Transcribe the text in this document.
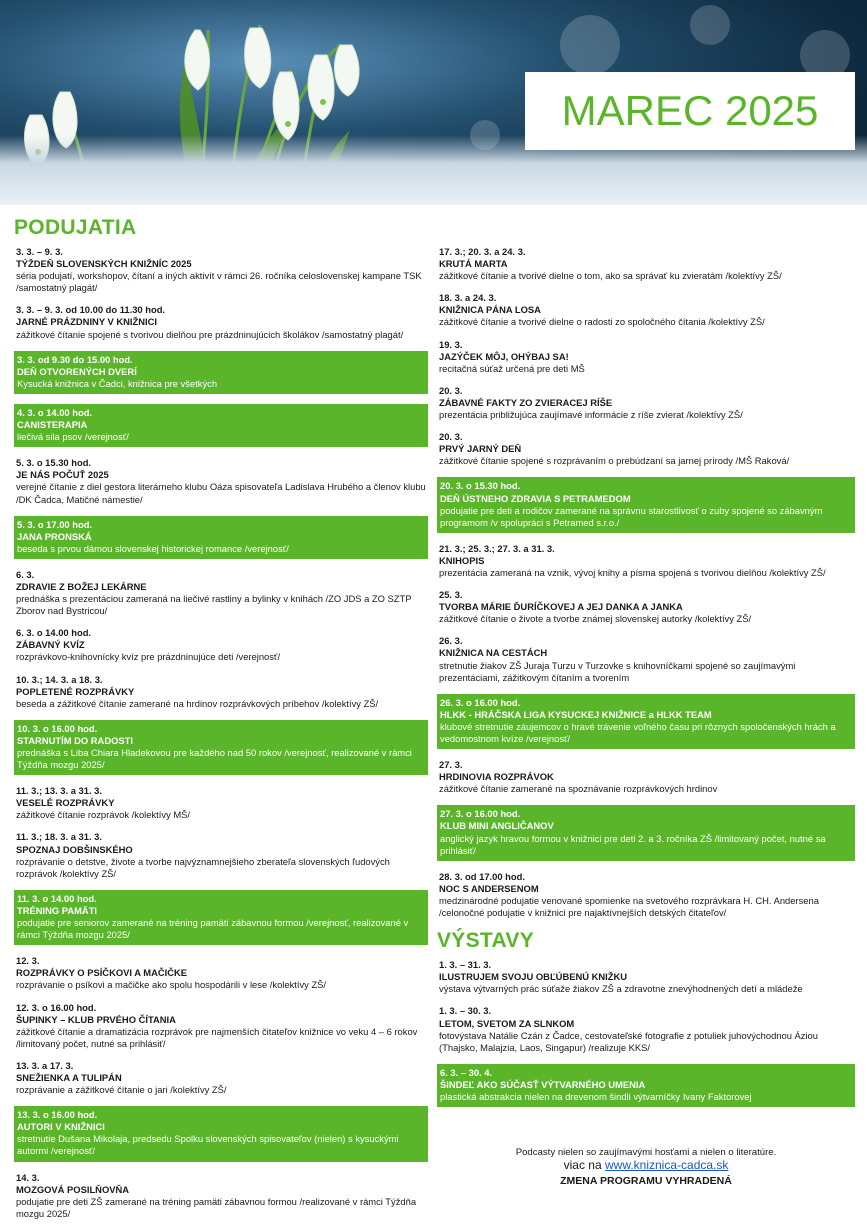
MAREC 2025
PODUJATIA
3. 3. – 9. 3.
TÝŽDEŇ SLOVENSKÝCH KNIŽNÍC 2025
séria podujatí, workshopov, čítaní a iných aktivít v rámci 26. ročníka celoslovenskej kampane TSK /samostatný plagát/
3. 3. – 9. 3. od 10.00 do 11.30 hod.
JARNÉ PRÁZDNINY V KNIŽNICI
zážitkové čítanie spojené s tvorivou dielňou pre prázdninujúcich školákov /samostatný plagát/
3. 3. od 9.30 do 15.00 hod.
DEŇ OTVORENÝCH DVERÍ
Kysucká knižnica v Čadci, knižnica pre všetkých
4. 3. o 14.00 hod.
CANISTERAPIA
liečivá sila psov /verejnosť/
5. 3. o 15.30 hod.
JE NÁS POČUŤ 2025
verejné čítanie z diel gestora literárneho klubu Oáza spisovateľa Ladislava Hrubého a členov klubu /DK Čadca, Matičné námestie/
5. 3. o 17.00 hod.
JANA PRONSKÁ
beseda s prvou dámou slovenskej historickej romance /verejnosť/
6. 3.
ZDRAVIE Z BOŽEJ LEKÁRNE
prednáška s prezentáciou zameraná na liečivé rastliny a bylinky v knihách /ZO JDS a ZO SZTP Zborov nad Bystricou/
6. 3. o 14.00 hod.
ZÁBAVNÝ KVÍZ
rozprávkovo-knihovnícky kvíz pre prázdninujúce deti /verejnosť/
10. 3.; 14. 3. a 18. 3.
POPLETENÉ ROZPRÁVKY
beseda a zážitkové čítanie zamerané na hrdinov rozprávkových príbehov /kolektívy ZŠ/
10. 3. o 16.00 hod.
STARNUTÍM DO RADOSTI
prednáška s Liba Chiara Hladekovou pre každého nad 50 rokov /verejnosť, realizované v rámci Týždňa mozgu 2025/
11. 3.; 13. 3. a 31. 3.
VESELÉ ROZPRÁVKY
zážitkové čítanie rozprávok /kolektívy MŠ/
11. 3.; 18. 3. a 31. 3.
SPOZNAJ DOBŠINSKÉHO
rozprávanie o detstve, živote a tvorbe najvýznamnejšieho zberateľa slovenských ľudových rozprávok /kolektívy ZŠ/
11. 3. o 14.00 hod.
TRÉNING PAMÄTI
podujatie pre seniorov zamerané na tréning pamäti zábavnou formou /verejnosť, realizované v rámci Týždňa mozgu 2025/
12. 3.
ROZPRÁVKY O PSÍČKOVI A MAČIČKE
rozprávanie o psíkovi a mačičke ako spolu hospodárili v lese /kolektívy ZŠ/
12. 3. o 16.00 hod.
ŠUPINKY – KLUB PRVÉHO ČÍTANIA
zážitkové čítanie a dramatizácia rozprávok pre najmenších čitateľov knižnice vo veku 4 – 6 rokov /limitovaný počet, nutné sa prihlásiť/
13. 3. a 17. 3.
SNEŽIENKA A TULIPÁN
rozprávanie a zážitkové čítanie o jari /kolektívy ZŠ/
13. 3. o 16.00 hod.
AUTORI V KNIŽNICI
stretnutie Dušana Mikolaja, predsedu Spolku slovenských spisovateľov (nielen) s kysuckými autormi /verejnosť/
14. 3.
MOZGOVÁ POSILŇOVŇA
podujatie pre deti ZŠ zamerané na tréning pamäti zábavnou formou /realizované v rámci Týždňa mozgu 2025/
17. 3.; 20. 3. a 24. 3.
KRUTÁ MARTA
zážitkové čítanie a tvorivé dielne o tom, ako sa správať ku zvieratám /kolektívy ZŠ/
18. 3. a 24. 3.
KNIŽNICA PÁNA LOSA
zážitkové čítanie a tvorivé dielne o radosti zo spoločného čítania /kolektívy ZŠ/
19. 3.
JAZÝČEK MÔJ, OHÝBAJ SA!
recitačná súťaž určená pre deti MŠ
20. 3.
ZÁBAVNÉ FAKTY ZO ZVIERACEJ RÍŠE
prezentácia približujúca zaujímavé informácie z ríše zvierat /kolektívy ZŠ/
20. 3.
PRVÝ JARNÝ DEŇ
zážitkové čítanie spojené s rozprávaním o prebúdzaní sa jarnej prírody /MŠ Raková/
20. 3. o 15.30 hod.
DEŇ ÚSTNEHO ZDRAVIA S PETRAMEDOM
podujatie pre deti a rodičov zamerané na správnu starostlivosť o zuby spojené so zábavným programom /v spolupráci s Petramed s.r.o./
21. 3.; 25. 3.; 27. 3. a 31. 3.
KNIHOPIS
prezentácia zameraná na vznik, vývoj knihy a písma spojená s tvorivou dielňou /kolektívy ZŠ/
25. 3.
TVORBA MÁRIE ĎURÍČKOVEJ A JEJ DANKA A JANKA
zážitkové čítanie o živote a tvorbe známej slovenskej autorky /kolektívy ZŠ/
26. 3.
KNIŽNICA NA CESTÁCH
stretnutie žiakov ZŠ Juraja Turzu v Turzovke s knihovníčkami spojené so zaujímavými prezentáciami, zážitkovým čítaním a tvorením
26. 3. o 16.00 hod.
HLKK - HRÁČSKA LIGA KYSUCKEJ KNIŽNICE a HLKK TEAM
klubové stretnutie záujemcov o hravé trávenie voľného času pri rôznych spoločenských hrách a vedomostnom kvíze /verejnosť/
27. 3.
HRDINOVIA ROZPRÁVOK
zážitkové čítanie zamerané na spoznávanie rozprávkových hrdinov
27. 3. o 16.00 hod.
KLUB MINI ANGLIČANOV
anglický jazyk hravou formou v knižnici pre deti 2. a 3. ročníka ZŠ /limitovaný počet, nutné sa prihlásiť/
28. 3. od 17.00 hod.
NOC S ANDERSENOM
medzinárodné podujatie venované spomienke na svetového rozprávkara H. CH. Andersena /celonočné podujatie v knižnici pre najaktívnejších detských čitateľov/
VÝSTAVY
1. 3. – 31. 3.
ILUSTRUJEM SVOJU OBĽÚBENÚ KNIŽKU
výstava výtvarných prác súťaže žiakov ZŠ a zdravotne znevýhodnených detí a mládeže
1. 3. – 30. 3.
LETOM, SVETOM ZA SLNKOM
fotovýstava Natálie Czán z Čadce, cestovateľské fotografie z potuliek juhovýchodnou Áziou (Thajsko, Malajzia, Laos, Singapur) /realizuje KKS/
6. 3. – 30. 4.
ŠINDEĽ AKO SÚČASŤ VÝTVARNÉHO UMENIA
plastická abstrakcia nielen na drevenom šindli výtvarníčky Ivany Faktorovej
Podcasty nielen so zaujímavými hosťami a nielen o literatúre.
viac na www.kniznica-cadca.sk
ZMENA PROGRAMU VYHRADENÁ
